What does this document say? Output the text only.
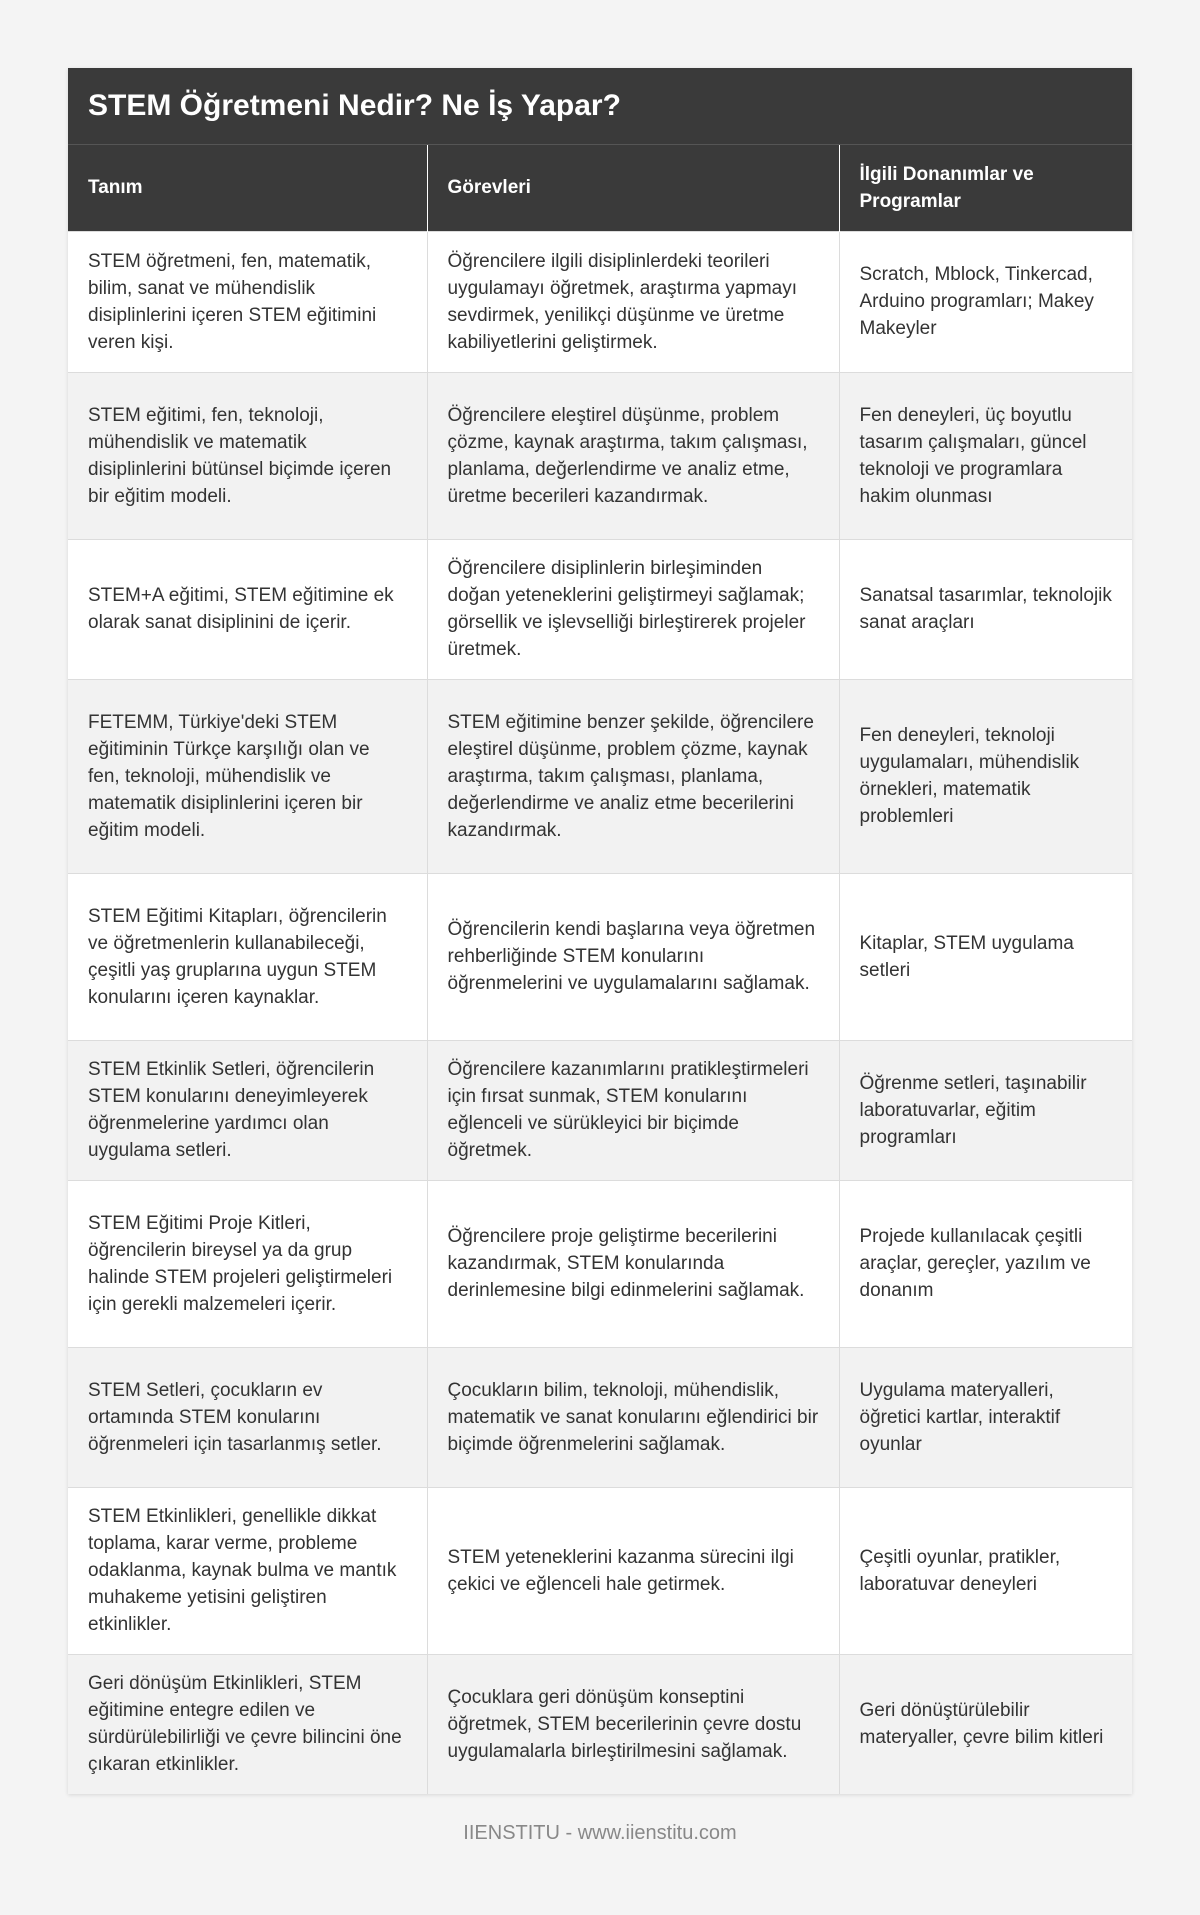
STEM Öğretmeni Nedir? Ne İş Yapar?
Tanım	Görevleri	İlgili Donanımlar ve Programlar
STEM öğretmeni, fen, matematik, bilim, sanat ve mühendislik disiplinlerini içeren STEM eğitimini veren kişi.	Öğrencilere ilgili disiplinlerdeki teorileri uygulamayı öğretmek, araştırma yapmayı sevdirmek, yenilikçi düşünme ve üretme kabiliyetlerini geliştirmek.	Scratch, Mblock, Tinkercad, Arduino programları; Makey Makeyler
STEM eğitimi, fen, teknoloji, mühendislik ve matematik disiplinlerini bütünsel biçimde içeren bir eğitim modeli.	Öğrencilere eleştirel düşünme, problem çözme, kaynak araştırma, takım çalışması, planlama, değerlendirme ve analiz etme, üretme becerileri kazandırmak.	Fen deneyleri, üç boyutlu tasarım çalışmaları, güncel teknoloji ve programlara hakim olunması
STEM+A eğitimi, STEM eğitimine ek olarak sanat disiplinini de içerir.	Öğrencilere disiplinlerin birleşiminden doğan yeteneklerini geliştirmeyi sağlamak; görsellik ve işlevselliği birleştirerek projeler üretmek.	Sanatsal tasarımlar, teknolojik sanat araçları
FETEMM, Türkiye'deki STEM eğitiminin Türkçe karşılığı olan ve fen, teknoloji, mühendislik ve matematik disiplinlerini içeren bir eğitim modeli.	STEM eğitimine benzer şekilde, öğrencilere eleştirel düşünme, problem çözme, kaynak araştırma, takım çalışması, planlama, değerlendirme ve analiz etme becerilerini kazandırmak.	Fen deneyleri, teknoloji uygulamaları, mühendislik örnekleri, matematik problemleri
STEM Eğitimi Kitapları, öğrencilerin ve öğretmenlerin kullanabileceği, çeşitli yaş gruplarına uygun STEM konularını içeren kaynaklar.	Öğrencilerin kendi başlarına veya öğretmen rehberliğinde STEM konularını öğrenmelerini ve uygulamalarını sağlamak.	Kitaplar, STEM uygulama setleri
STEM Etkinlik Setleri, öğrencilerin STEM konularını deneyimleyerek öğrenmelerine yardımcı olan uygulama setleri.	Öğrencilere kazanımlarını pratikleştirmeleri için fırsat sunmak, STEM konularını eğlenceli ve sürükleyici bir biçimde öğretmek.	Öğrenme setleri, taşınabilir laboratuvarlar, eğitim programları
STEM Eğitimi Proje Kitleri, öğrencilerin bireysel ya da grup halinde STEM projeleri geliştirmeleri için gerekli malzemeleri içerir.	Öğrencilere proje geliştirme becerilerini kazandırmak, STEM konularında derinlemesine bilgi edinmelerini sağlamak.	Projede kullanılacak çeşitli araçlar, gereçler, yazılım ve donanım
STEM Setleri, çocukların ev ortamında STEM konularını öğrenmeleri için tasarlanmış setler.	Çocukların bilim, teknoloji, mühendislik, matematik ve sanat konularını eğlendirici bir biçimde öğrenmelerini sağlamak.	Uygulama materyalleri, öğretici kartlar, interaktif oyunlar
STEM Etkinlikleri, genellikle dikkat toplama, karar verme, probleme odaklanma, kaynak bulma ve mantık muhakeme yetisini geliştiren etkinlikler.	STEM yeteneklerini kazanma sürecini ilgi çekici ve eğlenceli hale getirmek.	Çeşitli oyunlar, pratikler, laboratuvar deneyleri
Geri dönüşüm Etkinlikleri, STEM eğitimine entegre edilen ve sürdürülebilirliği ve çevre bilincini öne çıkaran etkinlikler.	Çocuklara geri dönüşüm konseptini öğretmek, STEM becerilerinin çevre dostu uygulamalarla birleştirilmesini sağlamak.	Geri dönüştürülebilir materyaller, çevre bilim kitleri
IIENSTITU - www.iienstitu.com
